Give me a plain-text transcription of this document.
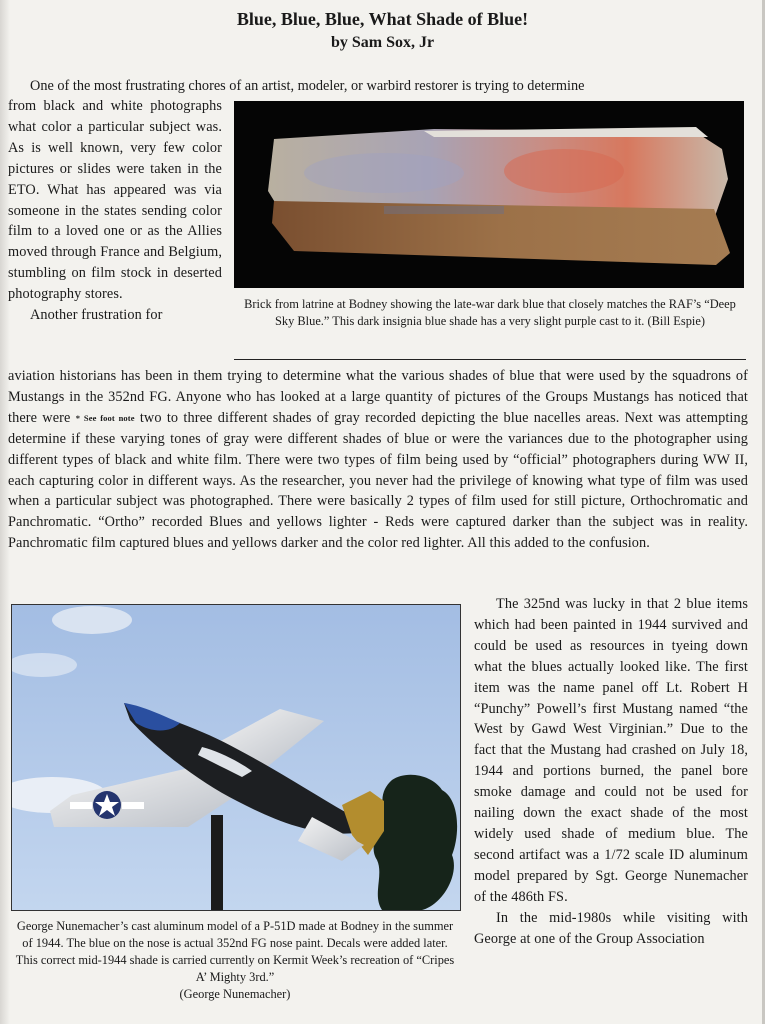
Blue, Blue, Blue, What Shade of Blue!
by Sam Sox, Jr
One of the most frustrating chores of an artist, modeler, or warbird restorer is trying to determine

from black and white photographs what color a particular subject was. As is well known, very few color pictures or slides were taken in the ETO. What has appeared was via someone in the states sending color film to a loved one or as the Allies moved through France and Belgium, stumbling on film stock in deserted photography stores.

Another frustration for

Brick from latrine at Bodney showing the late-war dark blue that closely matches the RAF’s “Deep Sky Blue.” This dark insignia blue shade has a very slight purple cast to it. (Bill Espie)

aviation historians has been in them trying to determine what the various shades of blue that were used by the squadrons of Mustangs in the 352nd FG. Anyone who has looked at a large quantity of pictures of the Groups Mustangs has noticed that there were * See foot note two to three different shades of gray recorded depicting the blue nacelles areas. Next was attempting determine if these varying tones of gray were different shades of blue or were the variances due to the photographer using different types of black and white film. There were two types of film being used by “official” photographers during WW II, each capturing color in different ways. As the researcher, you never had the privilege of knowing what type of film was used when a particular subject was photographed. There were basically 2 types of film used for still picture, Orthochromatic and Panchromatic. “Ortho” recorded Blues and yellows lighter - Reds were captured darker than the subject was in reality. Panchromatic film captured blues and yellows darker and the color red lighter. All this added to the confusion.

George Nunemacher’s cast aluminum model of a P-51D made at Bodney in the summer of 1944. The blue on the nose is actual 352nd FG nose paint. Decals were added later. This correct mid-1944 shade is carried currently on Kermit Week’s recreation of “Cripes A’ Mighty 3rd.”
(George Nunemacher)

The 325nd was lucky in that 2 blue items which had been painted in 1944 survived and could be used as resources in tyeing down what the blues actually looked like. The first item was the name panel off Lt. Robert H “Punchy” Powell’s first Mustang named “the West by Gawd West Virginian.” Due to the fact that the Mustang had crashed on July 18, 1944 and portions burned, the panel bore smoke damage and could not be used for nailing down the exact shade of the most widely used shade of medium blue. The second artifact was a 1/72 scale ID aluminum model prepared by Sgt. George Nunemacher of the 486th FS.

In the mid-1980s while visiting with George at one of the Group Association
